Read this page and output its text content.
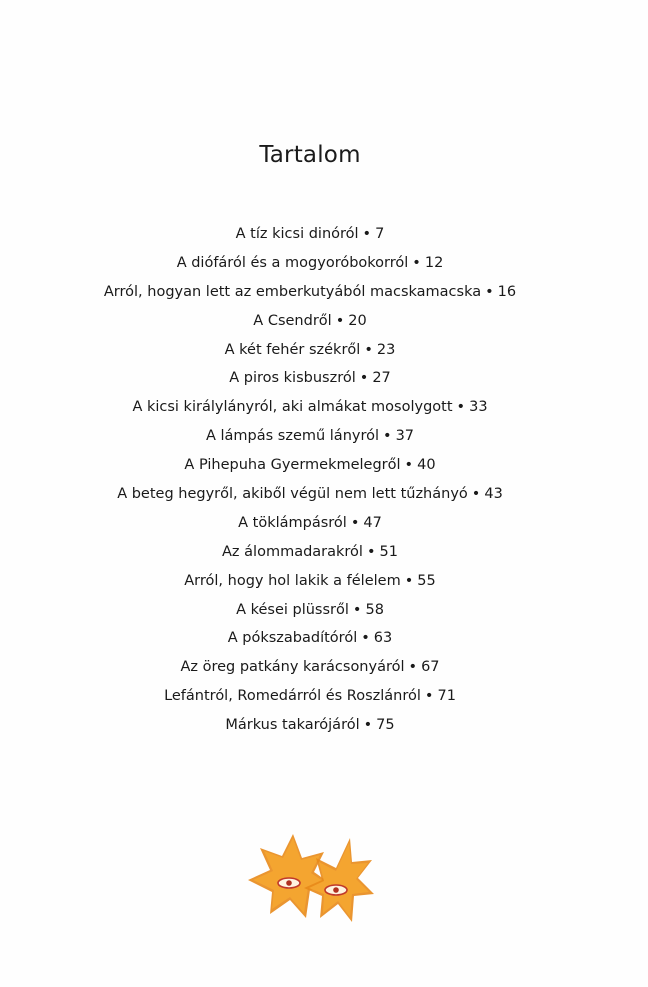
Tartalom
A tíz kicsi dinóról • 7
A diófáról és a mogyoróbokorról • 12
Arról, hogyan lett az emberkutyából macskamacska • 16
A Csendről • 20
A két fehér székről • 23
A piros kisbuszról • 27
A kicsi királylányról, aki almákat mosolygott • 33
A lámpás szemű lányról • 37
A Pihepuha Gyermekmelegről • 40
A beteg hegyről, akiből végül nem lett tűzhányó • 43
A töklámpásról • 47
Az álommadarakról • 51
Arról, hogy hol lakik a félelem • 55
A kései plüssről • 58
A pókszabadítóról • 63
Az öreg patkány karácsonyáról • 67
Lefántról, Romedárról és Roszlánról • 71
Márkus takarójáról • 75
